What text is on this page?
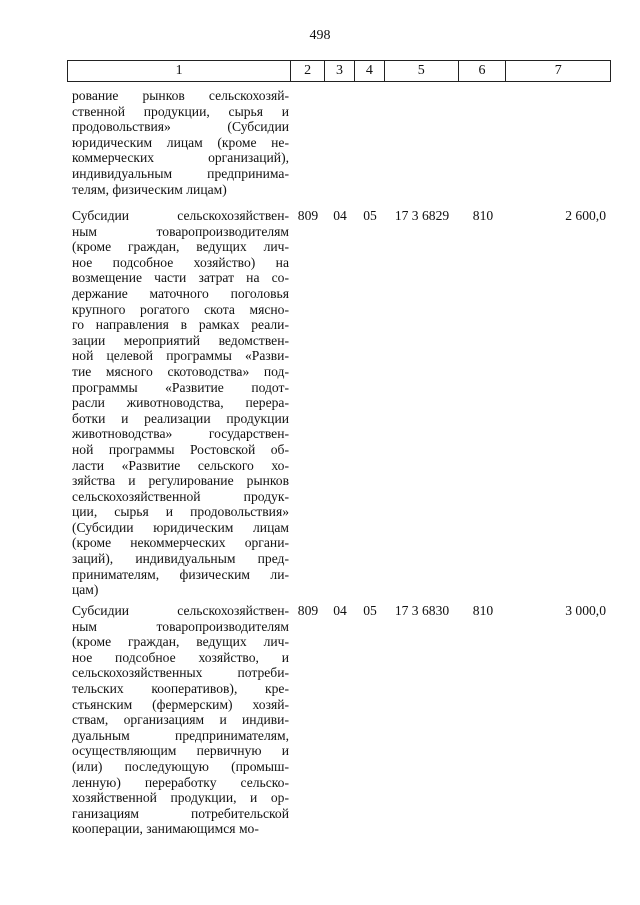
498
1	2	3	4	5	6	7
рование рынков сельскохозяй-
ственной продукции, сырья и
продовольствия» (Субсидии
юридическим лицам (кроме не-
коммерческих организаций),
индивидуальным предпринима-
телям, физическим лицам)
Субсидии сельскохозяйствен-
ным товаропроизводителям
(кроме граждан, ведущих лич-
ное подсобное хозяйство) на
возмещение части затрат на со-
держание маточного поголовья
крупного рогатого скота мясно-
го направления в рамках реали-
зации мероприятий ведомствен-
ной целевой программы «Разви-
тие мясного скотоводства» под-
программы «Развитие подот-
расли животноводства, перера-
ботки и реализации продукции
животноводства» государствен-
ной программы Ростовской об-
ласти «Развитие сельского хо-
зяйства и регулирование рынков
сельскохозяйственной продук-
ции, сырья и продовольствия»
(Субсидии юридическим лицам
(кроме некоммерческих органи-
заций), индивидуальным пред-
принимателям, физическим ли-
цам)
809	04	05	17 3 6829	810	2 600,0
Субсидии сельскохозяйствен-
ным товаропроизводителям
(кроме граждан, ведущих лич-
ное подсобное хозяйство, и
сельскохозяйственных потреби-
тельских кооперативов), кре-
стьянским (фермерским) хозяй-
ствам, организациям и индиви-
дуальным предпринимателям,
осуществляющим первичную и
(или) последующую (промыш-
ленную) переработку сельско-
хозяйственной продукции, и ор-
ганизациям потребительской
кооперации, занимающимся мо-
809	04	05	17 3 6830	810	3 000,0
